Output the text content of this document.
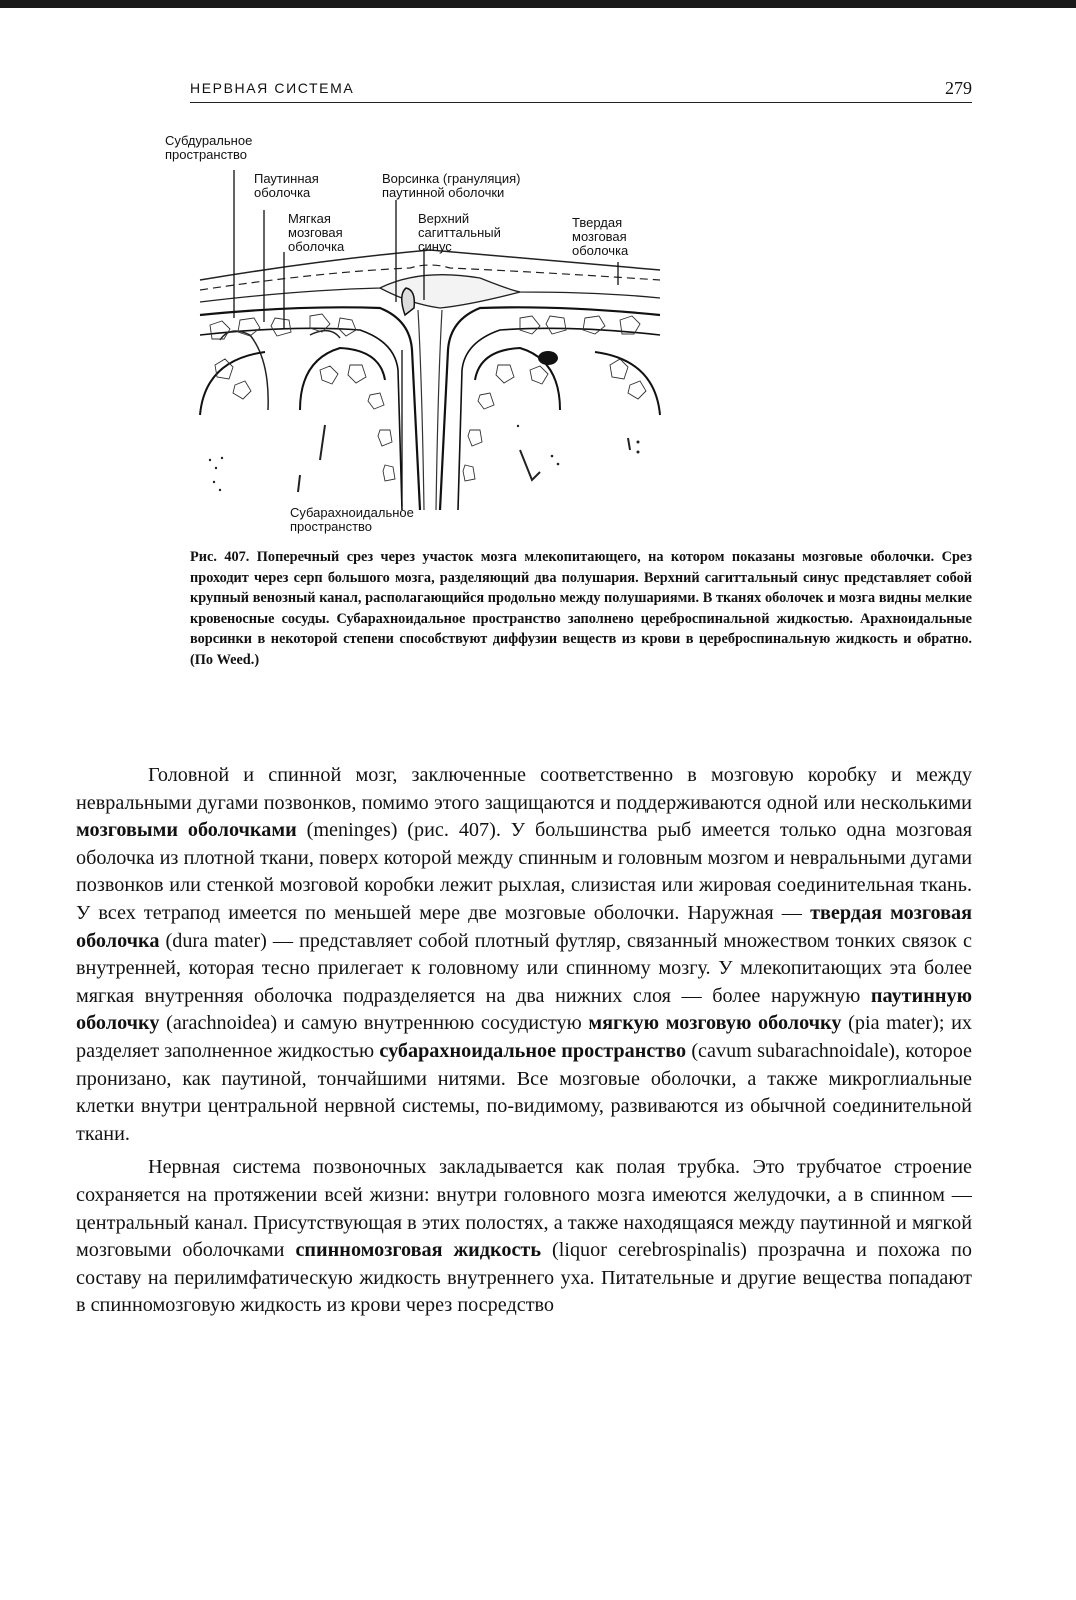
НЕРВНАЯ СИСТЕМА	279
Субдуральное
пространство
Паутинная
оболочка
Ворсинка (грануляция)
паутинной оболочки
Мягкая
мозговая
оболочка
Верхний
сагиттальный
синус
Твердая
мозговая
оболочка
Субарахноидальное
пространство
Рис. 407. Поперечный срез через участок мозга млекопитающего, на котором показаны мозговые оболочки. Срез проходит через серп большого мозга, разделяющий два полушария. Верхний сагиттальный синус представляет собой крупный венозный канал, располагающийся продольно между полушариями. В тканях оболочек и мозга видны мелкие кровеносные сосуды. Субарахноидальное пространство заполнено цереброспинальной жидкостью. Арахноидальные ворсинки в некоторой степени способствуют диффузии веществ из крови в цереброспинальную жидкость и обратно. (По Weed.)

Головной и спинной мозг, заключенные соответственно в мозговую коробку и между невральными дугами позвонков, помимо этого защищаются и поддерживаются одной или несколькими мозговыми оболочками (meninges) (рис. 407). У большинства рыб имеется только одна мозговая оболочка из плотной ткани, поверх которой между спинным и головным мозгом и невральными дугами позвонков или стенкой мозговой коробки лежит рыхлая, слизистая или жировая соединительная ткань. У всех тетрапод имеется по меньшей мере две мозговые оболочки. Наружная — твердая мозговая оболочка (dura mater) — представляет собой плотный футляр, связанный множеством тонких связок с внутренней, которая тесно прилегает к головному или спинному мозгу. У млекопитающих эта более мягкая внутренняя оболочка подразделяется на два нижних слоя — более наружную паутинную оболочку (arachnoidea) и самую внутреннюю сосудистую мягкую мозговую оболочку (pia mater); их разделяет заполненное жидкостью субарахноидальное пространство (cavum subarachnoidale), которое пронизано, как паутиной, тончайшими нитями. Все мозговые оболочки, а также микроглиальные клетки внутри центральной нервной системы, по-видимому, развиваются из обычной соединительной ткани.

Нервная система позвоночных закладывается как полая трубка. Это трубчатое строение сохраняется на протяжении всей жизни: внутри головного мозга имеются желудочки, а в спинном — центральный канал. Присутствующая в этих полостях, а также находящаяся между паутинной и мягкой мозговыми оболочками спинномозговая жидкость (liquor cerebrospinalis) прозрачна и похожа по составу на перилимфатическую жидкость внутреннего уха. Питательные и другие вещества попадают в спинномозговую жидкость из крови через посредство
